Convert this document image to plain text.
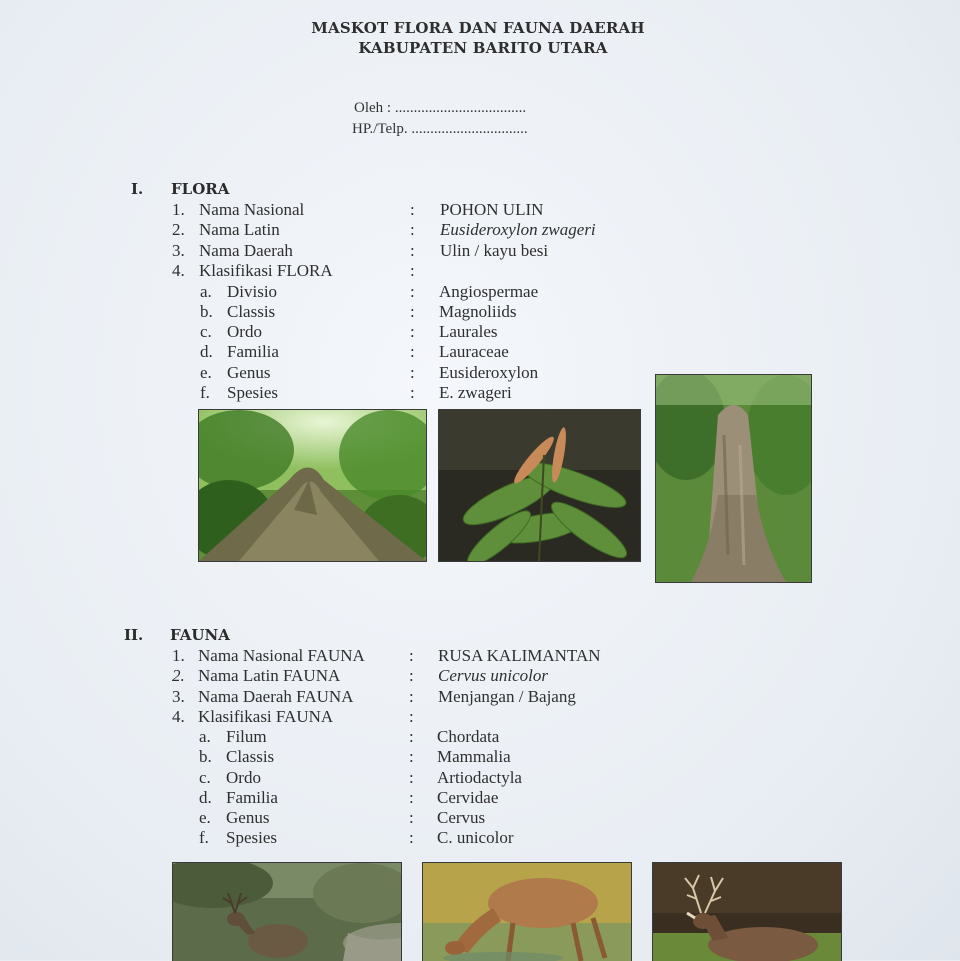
MASKOT FLORA DAN FAUNA DAERAH
KABUPATEN BARITO UTARA
Oleh : ...................................
HP./Telp. ...............................
I. FLORA
1. Nama Nasional	: POHON ULIN
2. Nama Latin	: Eusideroxylon zwageri
3. Nama Daerah	: Ulin / kayu besi
4. Klasifikasi FLORA	:
a. Divisio	: Angiospermae
b. Classis	: Magnoliids
c. Ordo	: Laurales
d. Familia	: Lauraceae
e. Genus	: Eusideroxylon
f. Spesies	: E. zwageri
II. FAUNA
1. Nama Nasional FAUNA	: RUSA KALIMANTAN
2. Nama Latin FAUNA	: Cervus unicolor
3. Nama Daerah FAUNA	: Menjangan / Bajang
4. Klasifikasi FAUNA	:
a. Filum	: Chordata
b. Classis	: Mammalia
c. Ordo	: Artiodactyla
d. Familia	: Cervidae
e. Genus	: Cervus
f. Spesies	: C. unicolor
